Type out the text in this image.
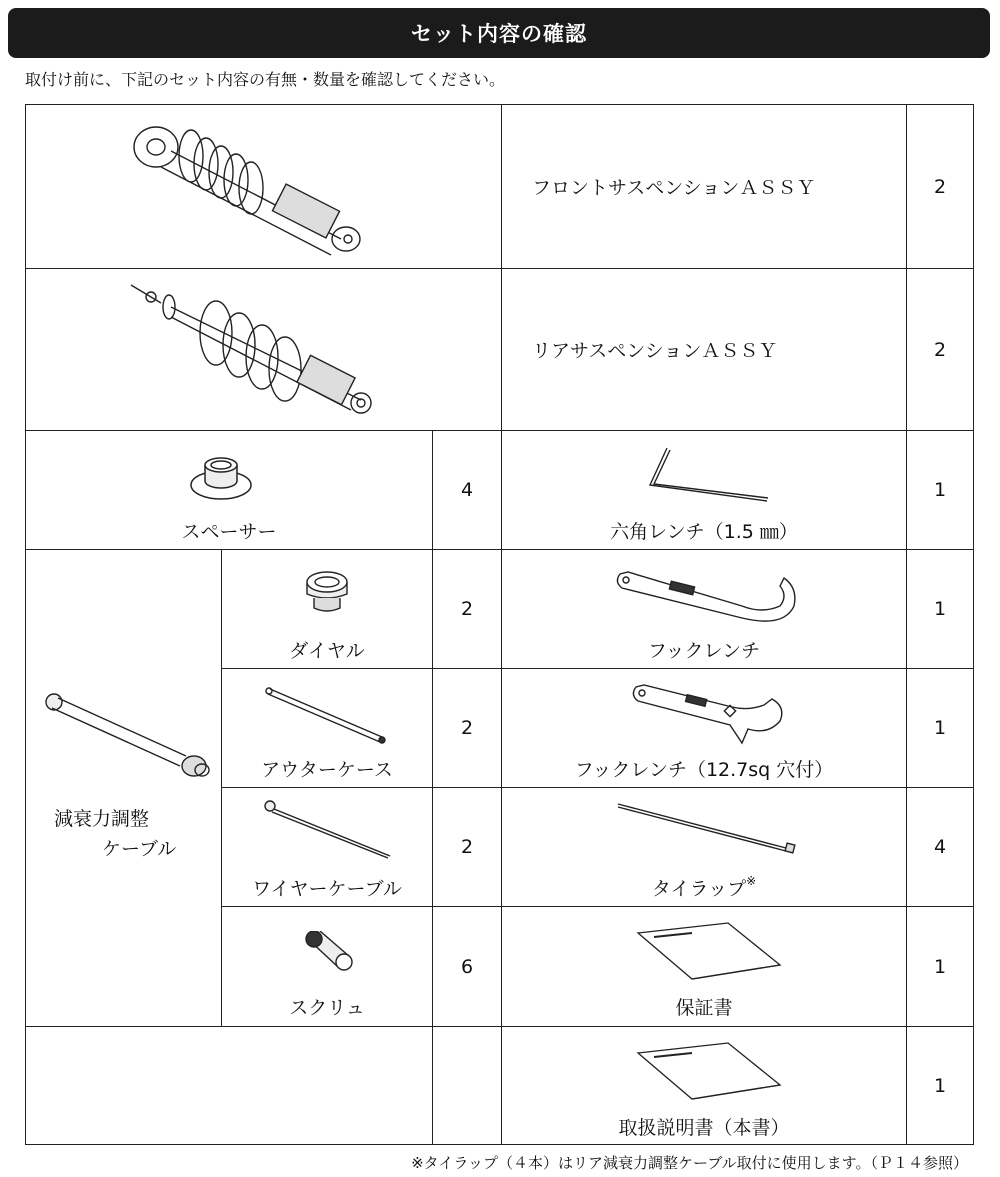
セット内容の確認
取付け前に、下記のセット内容の有無・数量を確認してください。
フロントサスペンションＡＳＳＹ	2
リアサスペンションＡＳＳＹ	2
スペーサー
4
六角レンチ（1.5 ㎜）
1
減衰力調整
ケーブル
ダイヤル
2
フックレンチ
1
アウターケース
2
フックレンチ（12.7sq 穴付）
1
ワイヤーケーブル
2
タイラップ※
4
スクリュ
6
保証書
1
取扱説明書（本書）
1
※タイラップ（４本）はリア減衰力調整ケーブル取付に使用します。（Ｐ１４参照）
